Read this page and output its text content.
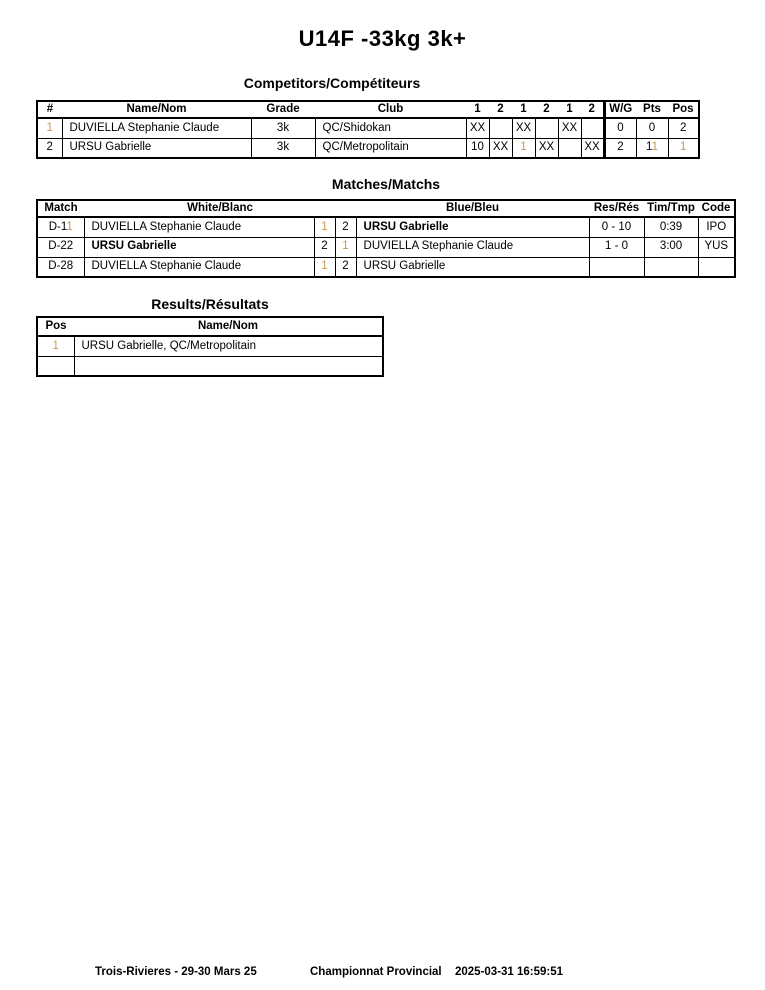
U14F -33kg 3k+
Competitors/Compétiteurs
#	Name/Nom	Grade	Club	1	2	1	2	1	2	W/G	Pts	Pos
1	DUVIELLA Stephanie Claude	3k	QC/Shidokan	XX		XX		XX		0	0	2
2	URSU Gabrielle	3k	QC/Metropolitain	10	XX	1	XX		XX	2	11	1
Matches/Matchs
Match	White/Blanc			Blue/Bleu	Res/Rés	Tim/Tmp	Code
D-11	DUVIELLA Stephanie Claude	1	2	URSU Gabrielle	0 - 10	0:39	IPO
D-22	URSU Gabrielle	2	1	DUVIELLA Stephanie Claude	1 - 0	3:00	YUS
D-28	DUVIELLA Stephanie Claude	1	2	URSU Gabrielle			
Results/Résultats
Pos	Name/Nom
1	URSU Gabrielle, QC/Metropolitain

Trois-Rivieres - 29-30 Mars 25	Championnat Provincial 2025-03-31 16:59:51
